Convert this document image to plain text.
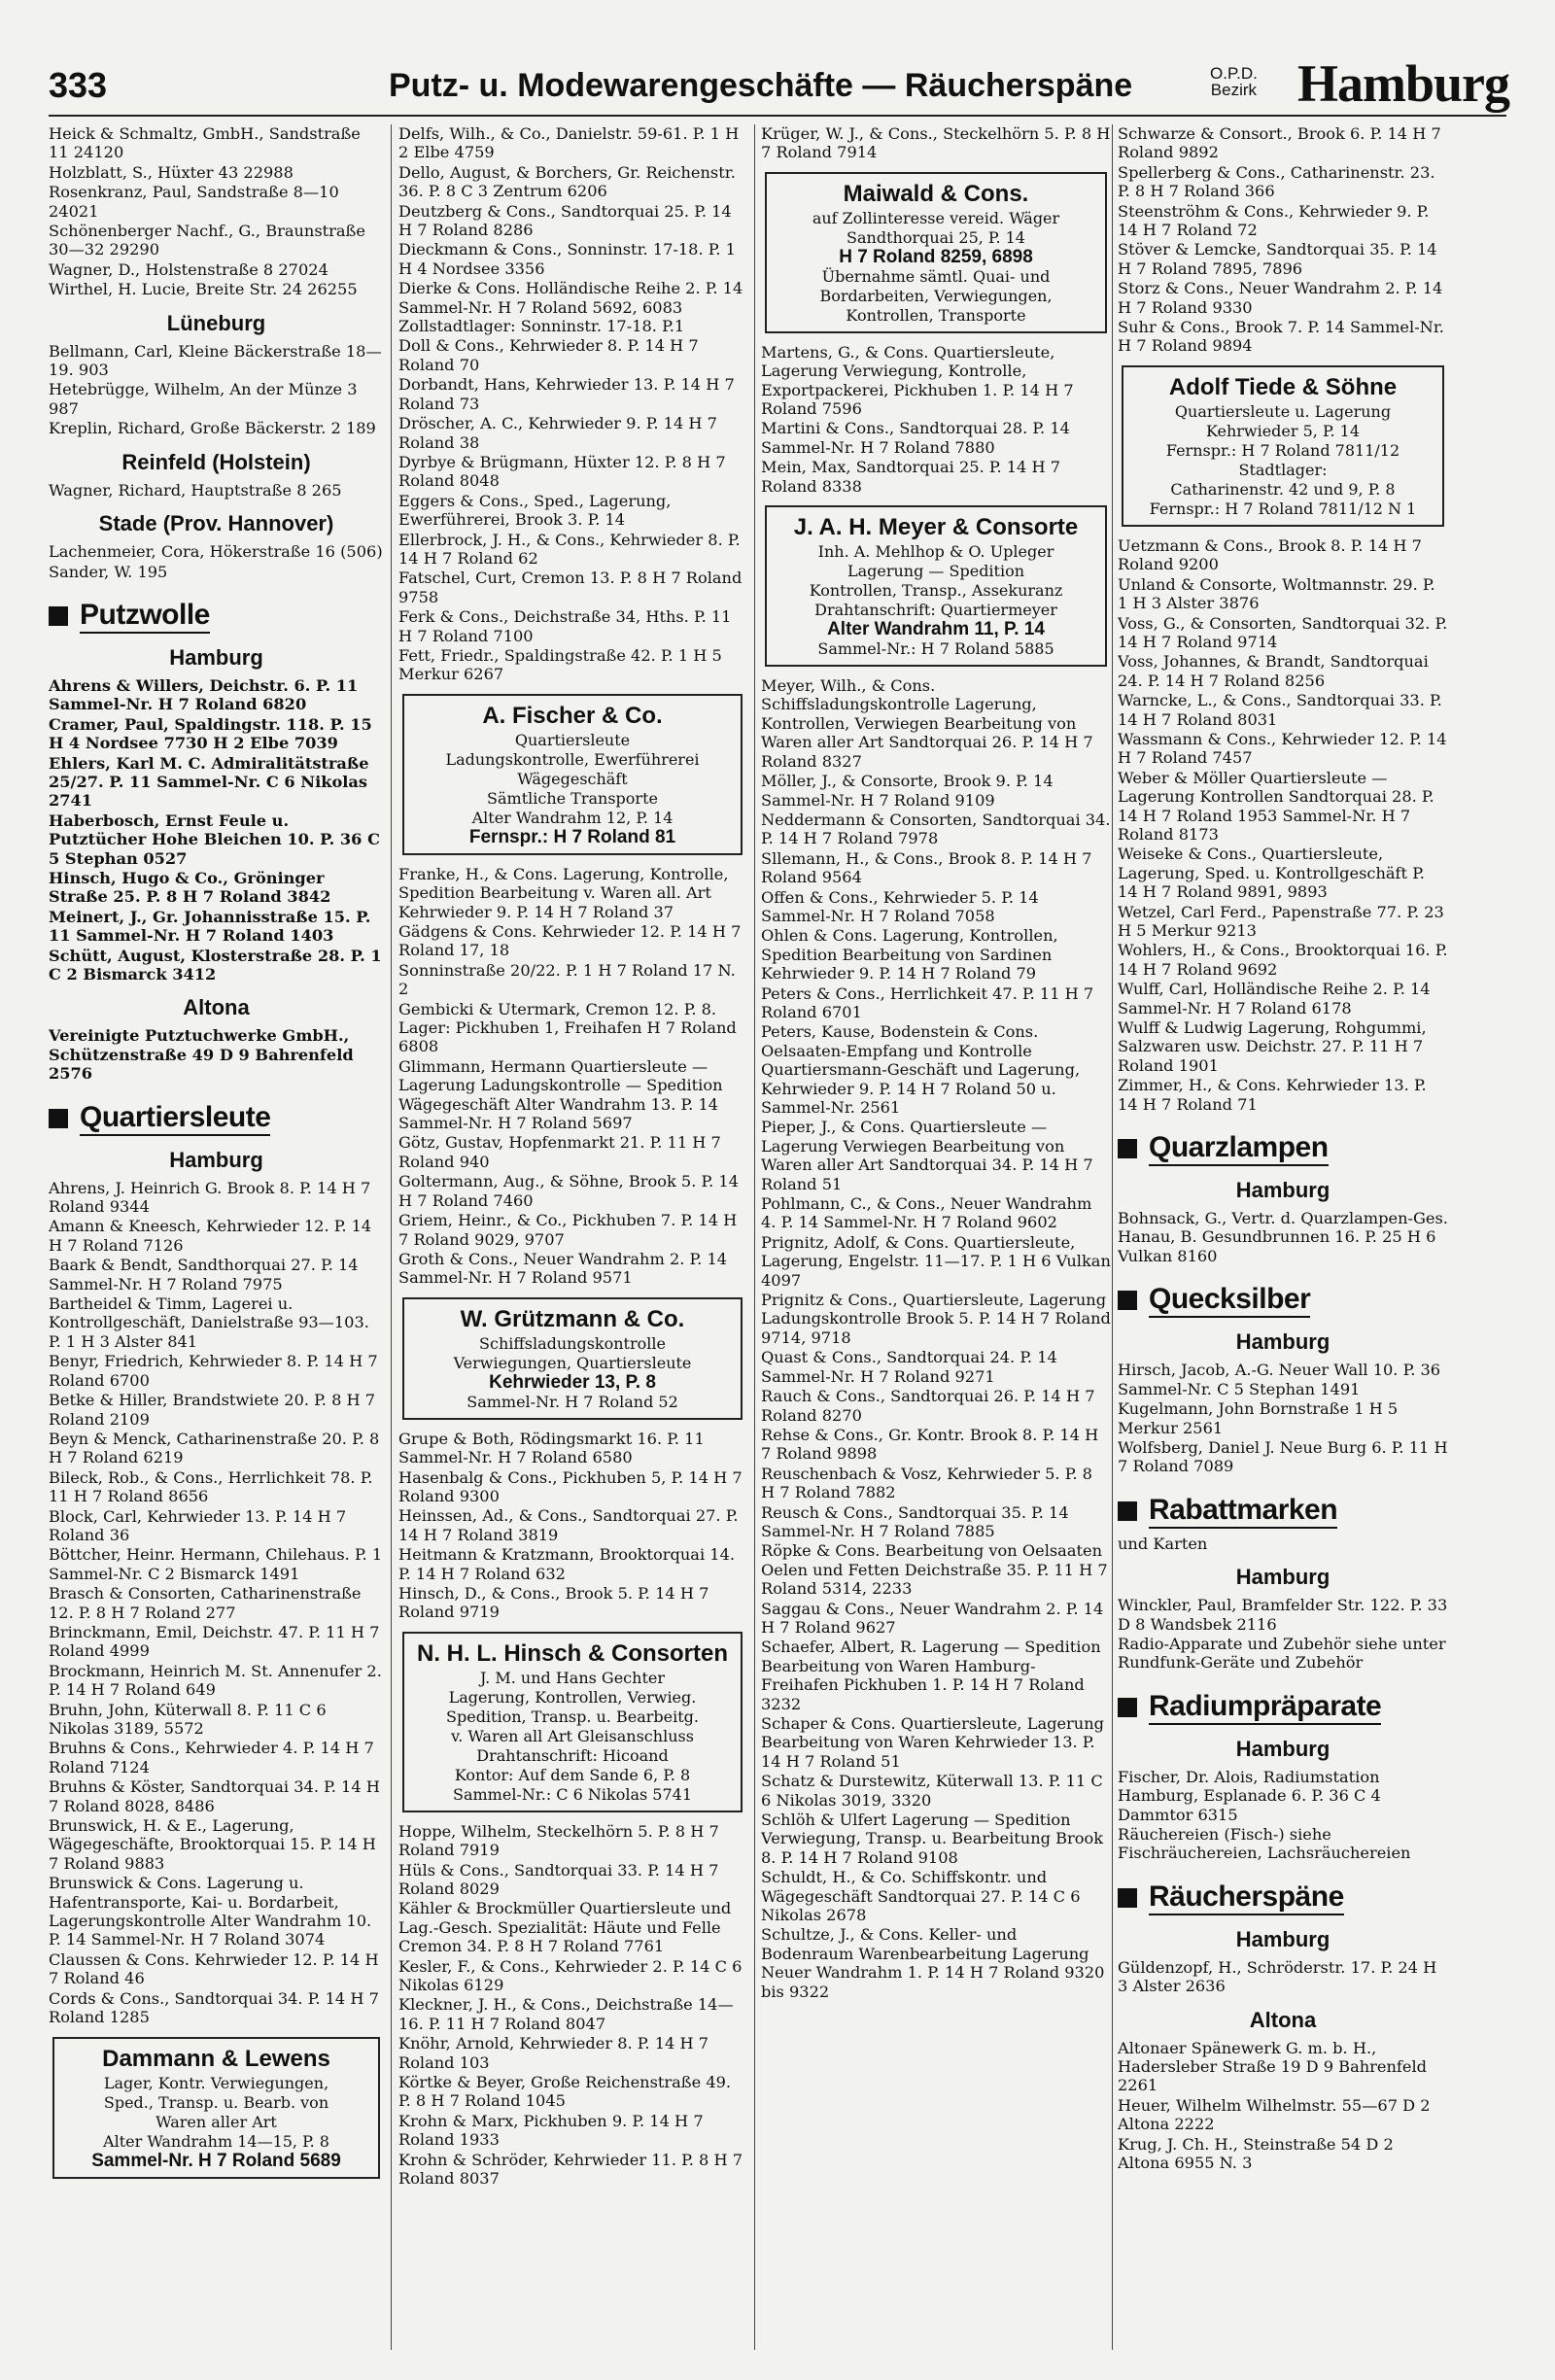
333	Putz- u. Modewarengeschäfte — Räucherspäne	O.P.D.
Bezirk Hamburg
Heick & Schmaltz, GmbH., Sandstraße 11 24120
Holzblatt, S., Hüxter 43 22988
Rosenkranz, Paul, Sandstraße 8—10 24021
Schönenberger Nachf., G., Braunstraße 30—32 29290
Wagner, D., Holstenstraße 8 27024
Wirthel, H. Lucie, Breite Str. 24 26255
Lüneburg
Bellmann, Carl, Kleine Bäckerstraße 18—19. 903
Hetebrügge, Wilhelm, An der Münze 3 987
Kreplin, Richard, Große Bäckerstr. 2 189
Reinfeld (Holstein)
Wagner, Richard, Hauptstraße 8 265
Stade (Prov. Hannover)
Lachenmeier, Cora, Hökerstraße 16 (506)
Sander, W. 195
Putzwolle
Hamburg
Ahrens & Willers, Deichstr. 6. P. 11 Sammel-Nr. H 7 Roland 6820
Cramer, Paul, Spaldingstr. 118. P. 15 H 4 Nordsee 7730 H 2 Elbe 7039
Ehlers, Karl M. C. Admiralitätstraße 25/27. P. 11 Sammel-Nr. C 6 Nikolas 2741
Haberbosch, Ernst Feule u. Putztücher Hohe Bleichen 10. P. 36 C 5 Stephan 0527
Hinsch, Hugo & Co., Gröninger Straße 25. P. 8 H 7 Roland 3842
Meinert, J., Gr. Johannisstraße 15. P. 11 Sammel-Nr. H 7 Roland 1403
Schütt, August, Klosterstraße 28. P. 1 C 2 Bismarck 3412
Altona
Vereinigte Putztuchwerke GmbH., Schützenstraße 49 D 9 Bahrenfeld 2576
Quartiersleute
Hamburg
Ahrens, J. Heinrich G. Brook 8. P. 14 H 7 Roland 9344
Amann & Kneesch, Kehrwieder 12. P. 14 H 7 Roland 7126
Baark & Bendt, Sandthorquai 27. P. 14 Sammel-Nr. H 7 Roland 7975
Bartheidel & Timm, Lagerei u. Kontrollgeschäft, Danielstraße 93—103. P. 1 H 3 Alster 841
Benyr, Friedrich, Kehrwieder 8. P. 14 H 7 Roland 6700
Betke & Hiller, Brandstwiete 20. P. 8 H 7 Roland 2109
Beyn & Menck, Catharinenstraße 20. P. 8 H 7 Roland 6219
Bileck, Rob., & Cons., Herrlichkeit 78. P. 11 H 7 Roland 8656
Block, Carl, Kehrwieder 13. P. 14 H 7 Roland 36
Böttcher, Heinr. Hermann, Chilehaus. P. 1 Sammel-Nr. C 2 Bismarck 1491
Brasch & Consorten, Catharinenstraße 12. P. 8 H 7 Roland 277
Brinckmann, Emil, Deichstr. 47. P. 11 H 7 Roland 4999
Brockmann, Heinrich M. St. Annenufer 2. P. 14 H 7 Roland 649
Bruhn, John, Küterwall 8. P. 11 C 6 Nikolas 3189, 5572
Bruhns & Cons., Kehrwieder 4. P. 14 H 7 Roland 7124
Bruhns & Köster, Sandtorquai 34. P. 14 H 7 Roland 8028, 8486
Brunswick, H. & E., Lagerung, Wägegeschäfte, Brooktorquai 15. P. 14 H 7 Roland 9883
Brunswick & Cons. Lagerung u. Hafentransporte, Kai- u. Bordarbeit, Lagerungskontrolle Alter Wandrahm 10. P. 14 Sammel-Nr. H 7 Roland 3074
Claussen & Cons. Kehrwieder 12. P. 14 H 7 Roland 46
Cords & Cons., Sandtorquai 34. P. 14 H 7 Roland 1285
Dammann & Lewens
Lager, Kontr. Verwiegungen,
Sped., Transp. u. Bearb. von
Waren aller Art
Alter Wandrahm 14—15, P. 8
Sammel-Nr. H 7 Roland 5689
Delfs, Wilh., & Co., Danielstr. 59-61. P. 1 H 2 Elbe 4759
Dello, August, & Borchers, Gr. Reichenstr. 36. P. 8 C 3 Zentrum 6206
Deutzberg & Cons., Sandtorquai 25. P. 14 H 7 Roland 8286
Dieckmann & Cons., Sonninstr. 17-18. P. 1 H 4 Nordsee 3356
Dierke & Cons. Holländische Reihe 2. P. 14 Sammel-Nr. H 7 Roland 5692, 6083 Zollstadtlager: Sonninstr. 17-18. P.1
Doll & Cons., Kehrwieder 8. P. 14 H 7 Roland 70
Dorbandt, Hans, Kehrwieder 13. P. 14 H 7 Roland 73
Dröscher, A. C., Kehrwieder 9. P. 14 H 7 Roland 38
Dyrbye & Brügmann, Hüxter 12. P. 8 H 7 Roland 8048
Eggers & Cons., Sped., Lagerung, Ewerführerei, Brook 3. P. 14
Ellerbrock, J. H., & Cons., Kehrwieder 8. P. 14 H 7 Roland 62
Fatschel, Curt, Cremon 13. P. 8 H 7 Roland 9758
Ferk & Cons., Deichstraße 34, Hths. P. 11 H 7 Roland 7100
Fett, Friedr., Spaldingstraße 42. P. 1 H 5 Merkur 6267
A. Fischer & Co.
Quartiersleute
Ladungskontrolle, Ewerführerei
Wägegeschäft
Sämtliche Transporte
Alter Wandrahm 12, P. 14
Fernspr.: H 7 Roland 81
Franke, H., & Cons. Lagerung, Kontrolle, Spedition Bearbeitung v. Waren all. Art Kehrwieder 9. P. 14 H 7 Roland 37
Gädgens & Cons. Kehrwieder 12. P. 14 H 7 Roland 17, 18
Sonninstraße 20/22. P. 1 H 7 Roland 17 N. 2
Gembicki & Utermark, Cremon 12. P. 8. Lager: Pickhuben 1, Freihafen H 7 Roland 6808
Glimmann, Hermann Quartiersleute — Lagerung Ladungskontrolle — Spedition Wägegeschäft Alter Wandrahm 13. P. 14 Sammel-Nr. H 7 Roland 5697
Götz, Gustav, Hopfenmarkt 21. P. 11 H 7 Roland 940
Goltermann, Aug., & Söhne, Brook 5. P. 14 H 7 Roland 7460
Griem, Heinr., & Co., Pickhuben 7. P. 14 H 7 Roland 9029, 9707
Groth & Cons., Neuer Wandrahm 2. P. 14 Sammel-Nr. H 7 Roland 9571
W. Grützmann & Co.
Schiffsladungskontrolle
Verwiegungen, Quartiersleute
Kehrwieder 13, P. 8
Sammel-Nr. H 7 Roland 52
Grupe & Both, Rödingsmarkt 16. P. 11 Sammel-Nr. H 7 Roland 6580
Hasenbalg & Cons., Pickhuben 5, P. 14 H 7 Roland 9300
Heinssen, Ad., & Cons., Sandtorquai 27. P. 14 H 7 Roland 3819
Heitmann & Kratzmann, Brooktorquai 14. P. 14 H 7 Roland 632
Hinsch, D., & Cons., Brook 5. P. 14 H 7 Roland 9719
N. H. L. Hinsch & Consorten
J. M. und Hans Gechter
Lagerung, Kontrollen, Verwieg.
Spedition, Transp. u. Bearbeitg.
v. Waren all Art Gleisanschluss
Drahtanschrift: Hicoand
Kontor: Auf dem Sande 6, P. 8
Sammel-Nr.: C 6 Nikolas 5741
Hoppe, Wilhelm, Steckelhörn 5. P. 8 H 7 Roland 7919
Hüls & Cons., Sandtorquai 33. P. 14 H 7 Roland 8029
Kähler & Brockmüller Quartiersleute und Lag.-Gesch. Spezialität: Häute und Felle Cremon 34. P. 8 H 7 Roland 7761
Kesler, F., & Cons., Kehrwieder 2. P. 14 C 6 Nikolas 6129
Kleckner, J. H., & Cons., Deichstraße 14—16. P. 11 H 7 Roland 8047
Knöhr, Arnold, Kehrwieder 8. P. 14 H 7 Roland 103
Körtke & Beyer, Große Reichenstraße 49. P. 8 H 7 Roland 1045
Krohn & Marx, Pickhuben 9. P. 14 H 7 Roland 1933
Krohn & Schröder, Kehrwieder 11. P. 8 H 7 Roland 8037
Krüger, W. J., & Cons., Steckelhörn 5. P. 8 H 7 Roland 7914
Maiwald & Cons.
auf Zollinteresse vereid. Wäger
Sandthorquai 25, P. 14
H 7 Roland 8259, 6898
Übernahme sämtl. Quai- und
Bordarbeiten, Verwiegungen,
Kontrollen, Transporte
Martens, G., & Cons. Quartiersleute, Lagerung Verwiegung, Kontrolle, Exportpackerei, Pickhuben 1. P. 14 H 7 Roland 7596
Martini & Cons., Sandtorquai 28. P. 14 Sammel-Nr. H 7 Roland 7880
Mein, Max, Sandtorquai 25. P. 14 H 7 Roland 8338
J. A. H. Meyer & Consorte
Inh. A. Mehlhop & O. Upleger
Lagerung — Spedition
Kontrollen, Transp., Assekuranz
Drahtanschrift: Quartiermeyer
Alter Wandrahm 11, P. 14
Sammel-Nr.: H 7 Roland 5885
Meyer, Wilh., & Cons. Schiffsladungskontrolle Lagerung, Kontrollen, Verwiegen Bearbeitung von Waren aller Art Sandtorquai 26. P. 14 H 7 Roland 8327
Möller, J., & Consorte, Brook 9. P. 14 Sammel-Nr. H 7 Roland 9109
Neddermann & Consorten, Sandtorquai 34. P. 14 H 7 Roland 7978
Sllemann, H., & Cons., Brook 8. P. 14 H 7 Roland 9564
Offen & Cons., Kehrwieder 5. P. 14 Sammel-Nr. H 7 Roland 7058
Ohlen & Cons. Lagerung, Kontrollen, Spedition Bearbeitung von Sardinen Kehrwieder 9. P. 14 H 7 Roland 79
Peters & Cons., Herrlichkeit 47. P. 11 H 7 Roland 6701
Peters, Kause, Bodenstein & Cons. Oelsaaten-Empfang und Kontrolle Quartiersmann-Geschäft und Lagerung, Kehrwieder 9. P. 14 H 7 Roland 50 u. Sammel-Nr. 2561
Pieper, J., & Cons. Quartiersleute — Lagerung Verwiegen Bearbeitung von Waren aller Art Sandtorquai 34. P. 14 H 7 Roland 51
Pohlmann, C., & Cons., Neuer Wandrahm 4. P. 14 Sammel-Nr. H 7 Roland 9602
Prignitz, Adolf, & Cons. Quartiersleute, Lagerung, Engelstr. 11—17. P. 1 H 6 Vulkan 4097
Prignitz & Cons., Quartiersleute, Lagerung Ladungskontrolle Brook 5. P. 14 H 7 Roland 9714, 9718
Quast & Cons., Sandtorquai 24. P. 14 Sammel-Nr. H 7 Roland 9271
Rauch & Cons., Sandtorquai 26. P. 14 H 7 Roland 8270
Rehse & Cons., Gr. Kontr. Brook 8. P. 14 H 7 Roland 9898
Reuschenbach & Vosz, Kehrwieder 5. P. 8 H 7 Roland 7882
Reusch & Cons., Sandtorquai 35. P. 14 Sammel-Nr. H 7 Roland 7885
Röpke & Cons. Bearbeitung von Oelsaaten Oelen und Fetten Deichstraße 35. P. 11 H 7 Roland 5314, 2233
Saggau & Cons., Neuer Wandrahm 2. P. 14 H 7 Roland 9627
Schaefer, Albert, R. Lagerung — Spedition Bearbeitung von Waren Hamburg-Freihafen Pickhuben 1. P. 14 H 7 Roland 3232
Schaper & Cons. Quartiersleute, Lagerung Bearbeitung von Waren Kehrwieder 13. P. 14 H 7 Roland 51
Schatz & Durstewitz, Küterwall 13. P. 11 C 6 Nikolas 3019, 3320
Schlöh & Ulfert Lagerung — Spedition Verwiegung, Transp. u. Bearbeitung Brook 8. P. 14 H 7 Roland 9108
Schuldt, H., & Co. Schiffskontr. und Wägegeschäft Sandtorquai 27. P. 14 C 6 Nikolas 2678
Schultze, J., & Cons. Keller- und Bodenraum Warenbearbeitung Lagerung Neuer Wandrahm 1. P. 14 H 7 Roland 9320 bis 9322
Schwarze & Consort., Brook 6. P. 14 H 7 Roland 9892
Spellerberg & Cons., Catharinenstr. 23. P. 8 H 7 Roland 366
Steenströhm & Cons., Kehrwieder 9. P. 14 H 7 Roland 72
Stöver & Lemcke, Sandtorquai 35. P. 14 H 7 Roland 7895, 7896
Storz & Cons., Neuer Wandrahm 2. P. 14 H 7 Roland 9330
Suhr & Cons., Brook 7. P. 14 Sammel-Nr. H 7 Roland 9894
Adolf Tiede & Söhne
Quartiersleute u. Lagerung
Kehrwieder 5, P. 14
Fernspr.: H 7 Roland 7811/12
Stadtlager:
Catharinenstr. 42 und 9, P. 8
Fernspr.: H 7 Roland 7811/12 N 1
Uetzmann & Cons., Brook 8. P. 14 H 7 Roland 9200
Unland & Consorte, Woltmannstr. 29. P. 1 H 3 Alster 3876
Voss, G., & Consorten, Sandtorquai 32. P. 14 H 7 Roland 9714
Voss, Johannes, & Brandt, Sandtorquai 24. P. 14 H 7 Roland 8256
Warncke, L., & Cons., Sandtorquai 33. P. 14 H 7 Roland 8031
Wassmann & Cons., Kehrwieder 12. P. 14 H 7 Roland 7457
Weber & Möller Quartiersleute — Lagerung Kontrollen Sandtorquai 28. P. 14 H 7 Roland 1953 Sammel-Nr. H 7 Roland 8173
Weiseke & Cons., Quartiersleute, Lagerung, Sped. u. Kontrollgeschäft P. 14 H 7 Roland 9891, 9893
Wetzel, Carl Ferd., Papenstraße 77. P. 23 H 5 Merkur 9213
Wohlers, H., & Cons., Brooktorquai 16. P. 14 H 7 Roland 9692
Wulff, Carl, Holländische Reihe 2. P. 14 Sammel-Nr. H 7 Roland 6178
Wulff & Ludwig Lagerung, Rohgummi, Salzwaren usw. Deichstr. 27. P. 11 H 7 Roland 1901
Zimmer, H., & Cons. Kehrwieder 13. P. 14 H 7 Roland 71
Quarzlampen
Hamburg
Bohnsack, G., Vertr. d. Quarzlampen-Ges. Hanau, B. Gesundbrunnen 16. P. 25 H 6 Vulkan 8160
Quecksilber
Hamburg
Hirsch, Jacob, A.-G. Neuer Wall 10. P. 36 Sammel-Nr. C 5 Stephan 1491
Kugelmann, John Bornstraße 1 H 5 Merkur 2561
Wolfsberg, Daniel J. Neue Burg 6. P. 11 H 7 Roland 7089
Rabattmarken
und Karten
Hamburg
Winckler, Paul, Bramfelder Str. 122. P. 33 D 8 Wandsbek 2116
Radio-Apparate und Zubehör siehe unter Rundfunk-Geräte und Zubehör
Radiumpräparate
Hamburg
Fischer, Dr. Alois, Radiumstation Hamburg, Esplanade 6. P. 36 C 4 Dammtor 6315
Räuchereien (Fisch-) siehe Fischräuchereien, Lachsräuchereien
Räucherspäne
Hamburg
Güldenzopf, H., Schröderstr. 17. P. 24 H 3 Alster 2636
Altona
Altonaer Spänewerk G. m. b. H., Hadersleber Straße 19 D 9 Bahrenfeld 2261
Heuer, Wilhelm Wilhelmstr. 55—67 D 2 Altona 2222
Krug, J. Ch. H., Steinstraße 54 D 2 Altona 6955 N. 3
